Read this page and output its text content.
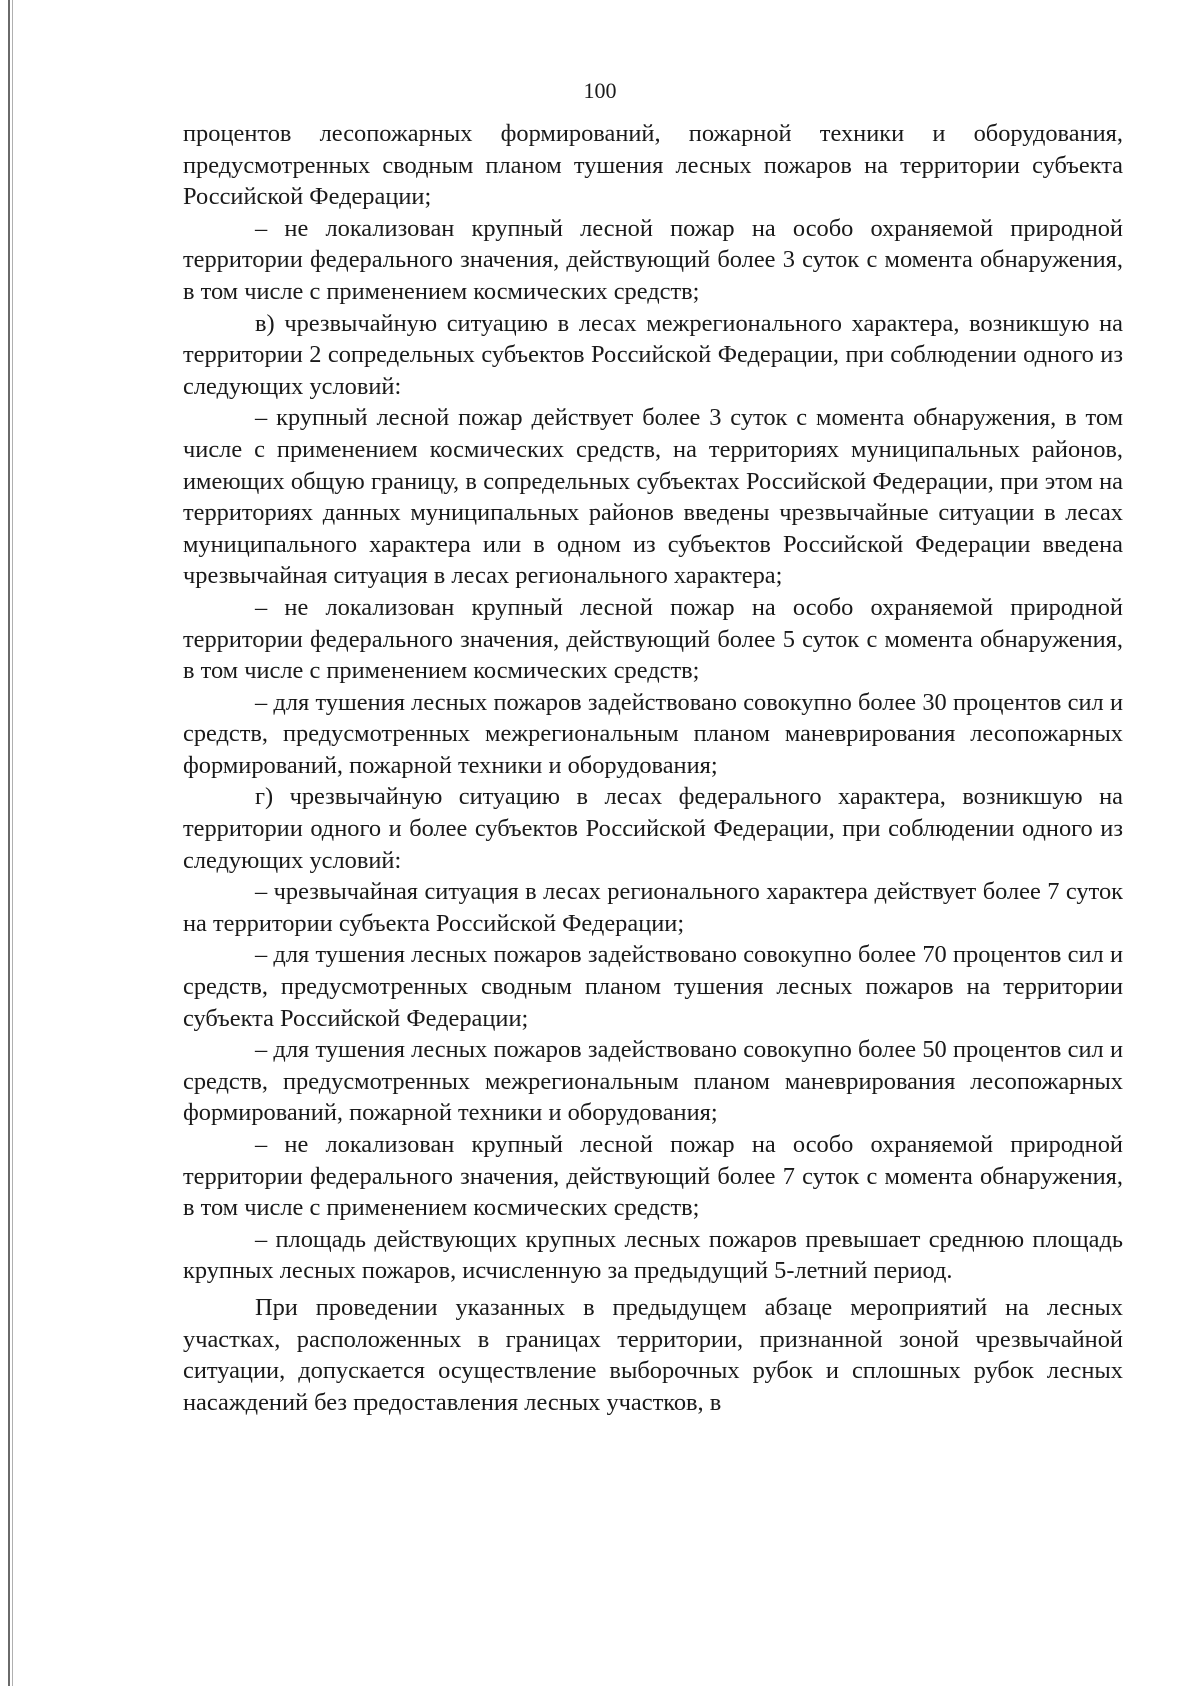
100

процентов лесопожарных формирований, пожарной техники и оборудования, предусмотренных сводным планом тушения лесных пожаров на территории субъекта Российской Федерации;

– не локализован крупный лесной пожар на особо охраняемой природной территории федерального значения, действующий более 3 суток с момента обнаружения, в том числе с применением космических средств;

в) чрезвычайную ситуацию в лесах межрегионального характера, возникшую на территории 2 сопредельных субъектов Российской Федерации, при соблюдении одного из следующих условий:

– крупный лесной пожар действует более 3 суток с момента обнаружения, в том числе с применением космических средств, на территориях муниципальных районов, имеющих общую границу, в сопредельных субъектах Российской Федерации, при этом на территориях данных муниципальных районов введены чрезвычайные ситуации в лесах муниципального характера или в одном из субъектов Российской Федерации введена чрезвычайная ситуация в лесах регионального характера;

– не локализован крупный лесной пожар на особо охраняемой природной территории федерального значения, действующий более 5 суток с момента обнаружения, в том числе с применением космических средств;

– для тушения лесных пожаров задействовано совокупно более 30 процентов сил и средств, предусмотренных межрегиональным планом маневрирования лесопожарных формирований, пожарной техники и оборудования;

г) чрезвычайную ситуацию в лесах федерального характера, возникшую на территории одного и более субъектов Российской Федерации, при соблюдении одного из следующих условий:

– чрезвычайная ситуация в лесах регионального характера действует более 7 суток на территории субъекта Российской Федерации;

– для тушения лесных пожаров задействовано совокупно более 70 процентов сил и средств, предусмотренных сводным планом тушения лесных пожаров на территории субъекта Российской Федерации;

– для тушения лесных пожаров задействовано совокупно более 50 процентов сил и средств, предусмотренных межрегиональным планом маневрирования лесопожарных формирований, пожарной техники и оборудования;

– не локализован крупный лесной пожар на особо охраняемой природной территории федерального значения, действующий более 7 суток с момента обнаружения, в том числе с применением космических средств;

– площадь действующих крупных лесных пожаров превышает среднюю площадь крупных лесных пожаров, исчисленную за предыдущий 5-летний период.

При проведении указанных в предыдущем абзаце мероприятий на лесных участках, расположенных в границах территории, признанной зоной чрезвычайной ситуации, допускается осуществление выборочных рубок и сплошных рубок лесных насаждений без предоставления лесных участков, в
